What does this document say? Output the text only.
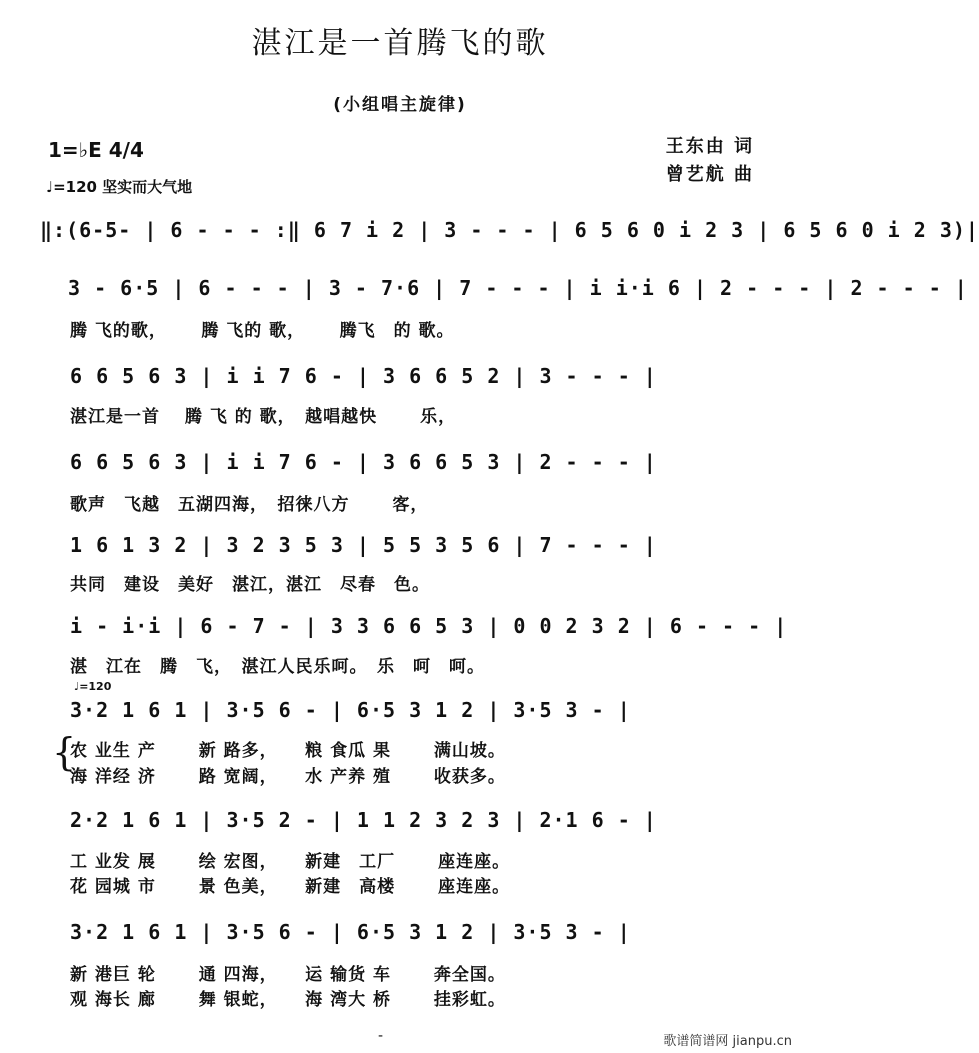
湛江是一首腾飞的歌
(小组唱主旋律)
1=♭E 4/4
♩=120 坚实而大气地
王东由 词
曾艺航 曲
‖:(6-5- | 6 - - - :‖ 6 7 i 2 | 3 - - - | 6 5 6 0 i 2 3 | 6 5 6 0 i 2 3)|
3 - 6·5 | 6 - - - | 3 - 7·6 | 7 - - - | i i·i 6 | 2 - - - | 2 - - - |
腾 飞的歌，　　 腾 飞的 歌，　　 腾飞　的 歌。
6 6 5 6 3 | i i 7 6 - | 3 6 6 5 2 | 3 - - - |
湛江是一首　 腾 飞 的 歌，　越唱越快　　 乐，
6 6 5 6 3 | i i 7 6 - | 3 6 6 5 3 | 2 - - - |
歌声　飞越　五湖四海，　招徕八方　　 客，
1 6 1 3 2 | 3 2 3 5 3 | 5 5 3 5 6 | 7 - - - |
共同　建设　美好　湛江，湛江　尽春　色。
i - i·i | 6 - 7 - | 3 3 6 6 5 3 | 0 0 2 3 2 | 6 - - - |
湛　江在　腾　飞，　湛江人民乐呵。　乐　呵　呵。
♩=120
3·2 1 6 1 | 3·5 6 - | 6·5 3 1 2 | 3·5 3 - |
{
农 业生 产　　 新 路多，　　粮 食瓜 果　　 满山坡。
海 洋经 济　　 路 宽阔，　　水 产养 殖　　 收获多。
2·2 1 6 1 | 3·5 2 - | 1 1 2 3 2 3 | 2·1 6 - |
工 业发 展　　 绘 宏图，　　新建　工厂　　 座连座。
花 园城 市　　 景 色美，　　新建　高楼　　 座连座。
3·2 1 6 1 | 3·5 6 - | 6·5 3 1 2 | 3·5 3 - |
新 港巨 轮　　 通 四海，　　运 输货 车　　 奔全国。
观 海长 廊　　 舞 银蛇，　　海 湾大 桥　　 挂彩虹。
-	歌谱简谱网 jianpu.cn
